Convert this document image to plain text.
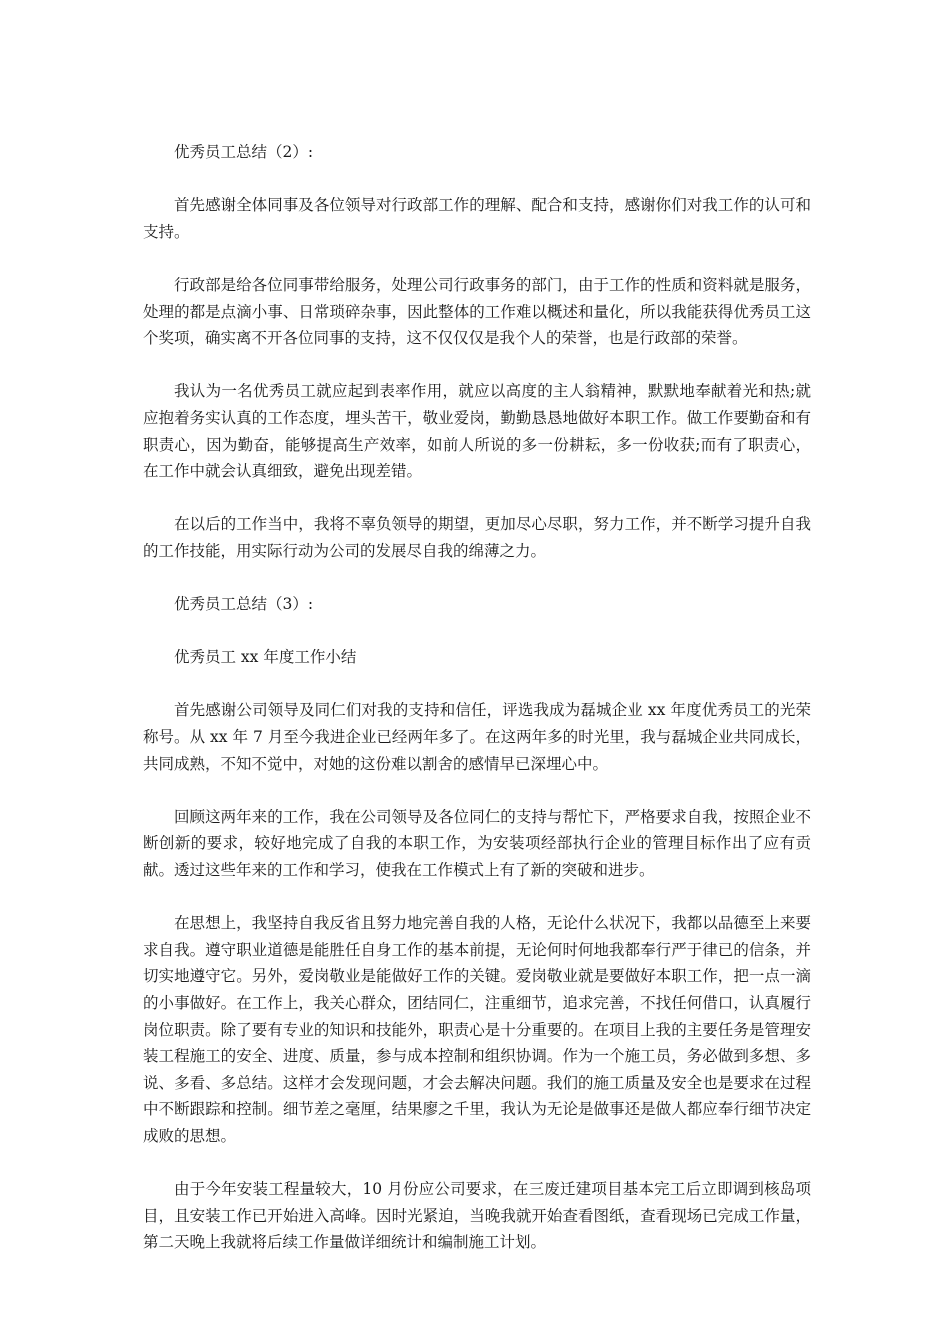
优秀员工总结（2）:

首先感谢全体同事及各位领导对行政部工作的理解、配合和支持，感谢你们对我工作的认可和支持。

行政部是给各位同事带给服务，处理公司行政事务的部门，由于工作的性质和资料就是服务，处理的都是点滴小事、日常琐碎杂事，因此整体的工作难以概述和量化，所以我能获得优秀员工这个奖项，确实离不开各位同事的支持，这不仅仅仅是我个人的荣誉，也是行政部的荣誉。

我认为一名优秀员工就应起到表率作用，就应以高度的主人翁精神，默默地奉献着光和热;就应抱着务实认真的工作态度，埋头苦干，敬业爱岗，勤勤恳恳地做好本职工作。做工作要勤奋和有职责心，因为勤奋，能够提高生产效率，如前人所说的多一份耕耘，多一份收获;而有了职责心，在工作中就会认真细致，避免出现差错。

在以后的工作当中，我将不辜负领导的期望，更加尽心尽职，努力工作，并不断学习提升自我的工作技能，用实际行动为公司的发展尽自我的绵薄之力。

优秀员工总结（3）:

优秀员工 xx 年度工作小结

首先感谢公司领导及同仁们对我的支持和信任，评选我成为磊城企业 xx 年度优秀员工的光荣称号。从 xx 年 7 月至今我进企业已经两年多了。在这两年多的时光里，我与磊城企业共同成长，共同成熟，不知不觉中，对她的这份难以割舍的感情早已深埋心中。

回顾这两年来的工作，我在公司领导及各位同仁的支持与帮忙下，严格要求自我，按照企业不断创新的要求，较好地完成了自我的本职工作，为安装项经部执行企业的管理目标作出了应有贡献。透过这些年来的工作和学习，使我在工作模式上有了新的突破和进步。

在思想上，我坚持自我反省且努力地完善自我的人格，无论什么状况下，我都以品德至上来要求自我。遵守职业道德是能胜任自身工作的基本前提，无论何时何地我都奉行严于律已的信条，并切实地遵守它。另外，爱岗敬业是能做好工作的关键。爱岗敬业就是要做好本职工作，把一点一滴的小事做好。在工作上，我关心群众，团结同仁，注重细节，追求完善，不找任何借口，认真履行岗位职责。除了要有专业的知识和技能外，职责心是十分重要的。在项目上我的主要任务是管理安装工程施工的安全、进度、质量，参与成本控制和组织协调。作为一个施工员，务必做到多想、多说、多看、多总结。这样才会发现问题，才会去解决问题。我们的施工质量及安全也是要求在过程中不断跟踪和控制。细节差之毫厘，结果廖之千里，我认为无论是做事还是做人都应奉行细节决定成败的思想。

由于今年安装工程量较大，10 月份应公司要求，在三废迁建项目基本完工后立即调到核岛项目，且安装工作已开始进入高峰。因时光紧迫，当晚我就开始查看图纸，查看现场已完成工作量，第二天晚上我就将后续工作量做详细统计和编制施工计划。
